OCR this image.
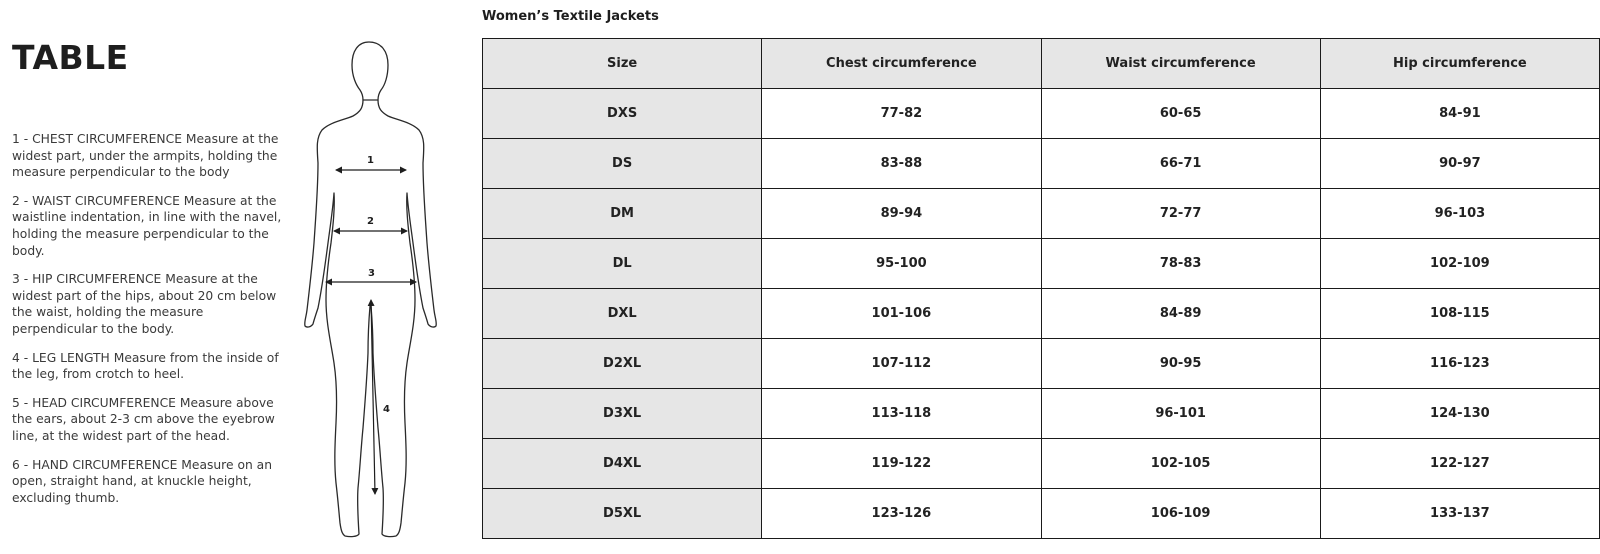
TABLE

1 - CHEST CIRCUMFERENCE Measure at the widest part, under the armpits, holding the measure perpendicular to the body

2 - WAIST CIRCUMFERENCE Measure at the waistline indentation, in line with the navel, holding the measure perpendicular to the body.

3 - HIP CIRCUMFERENCE Measure at the widest part of the hips, about 20 cm below the waist, holding the measure perpendicular to the body.

4 - LEG LENGTH Measure from the inside of the leg, from crotch to heel.

5 - HEAD CIRCUMFERENCE Measure above the ears, about 2-3 cm above the eyebrow line, at the widest part of the head.

6 - HAND CIRCUMFERENCE Measure on an open, straight hand, at knuckle height, excluding thumb.

1
2
3
4
Women’s Textile Jackets
Size	Chest circumference	Waist circumference	Hip circumference
DXS	77-82	60-65	84-91
DS	83-88	66-71	90-97
DM	89-94	72-77	96-103
DL	95-100	78-83	102-109
DXL	101-106	84-89	108-115
D2XL	107-112	90-95	116-123
D3XL	113-118	96-101	124-130
D4XL	119-122	102-105	122-127
D5XL	123-126	106-109	133-137
